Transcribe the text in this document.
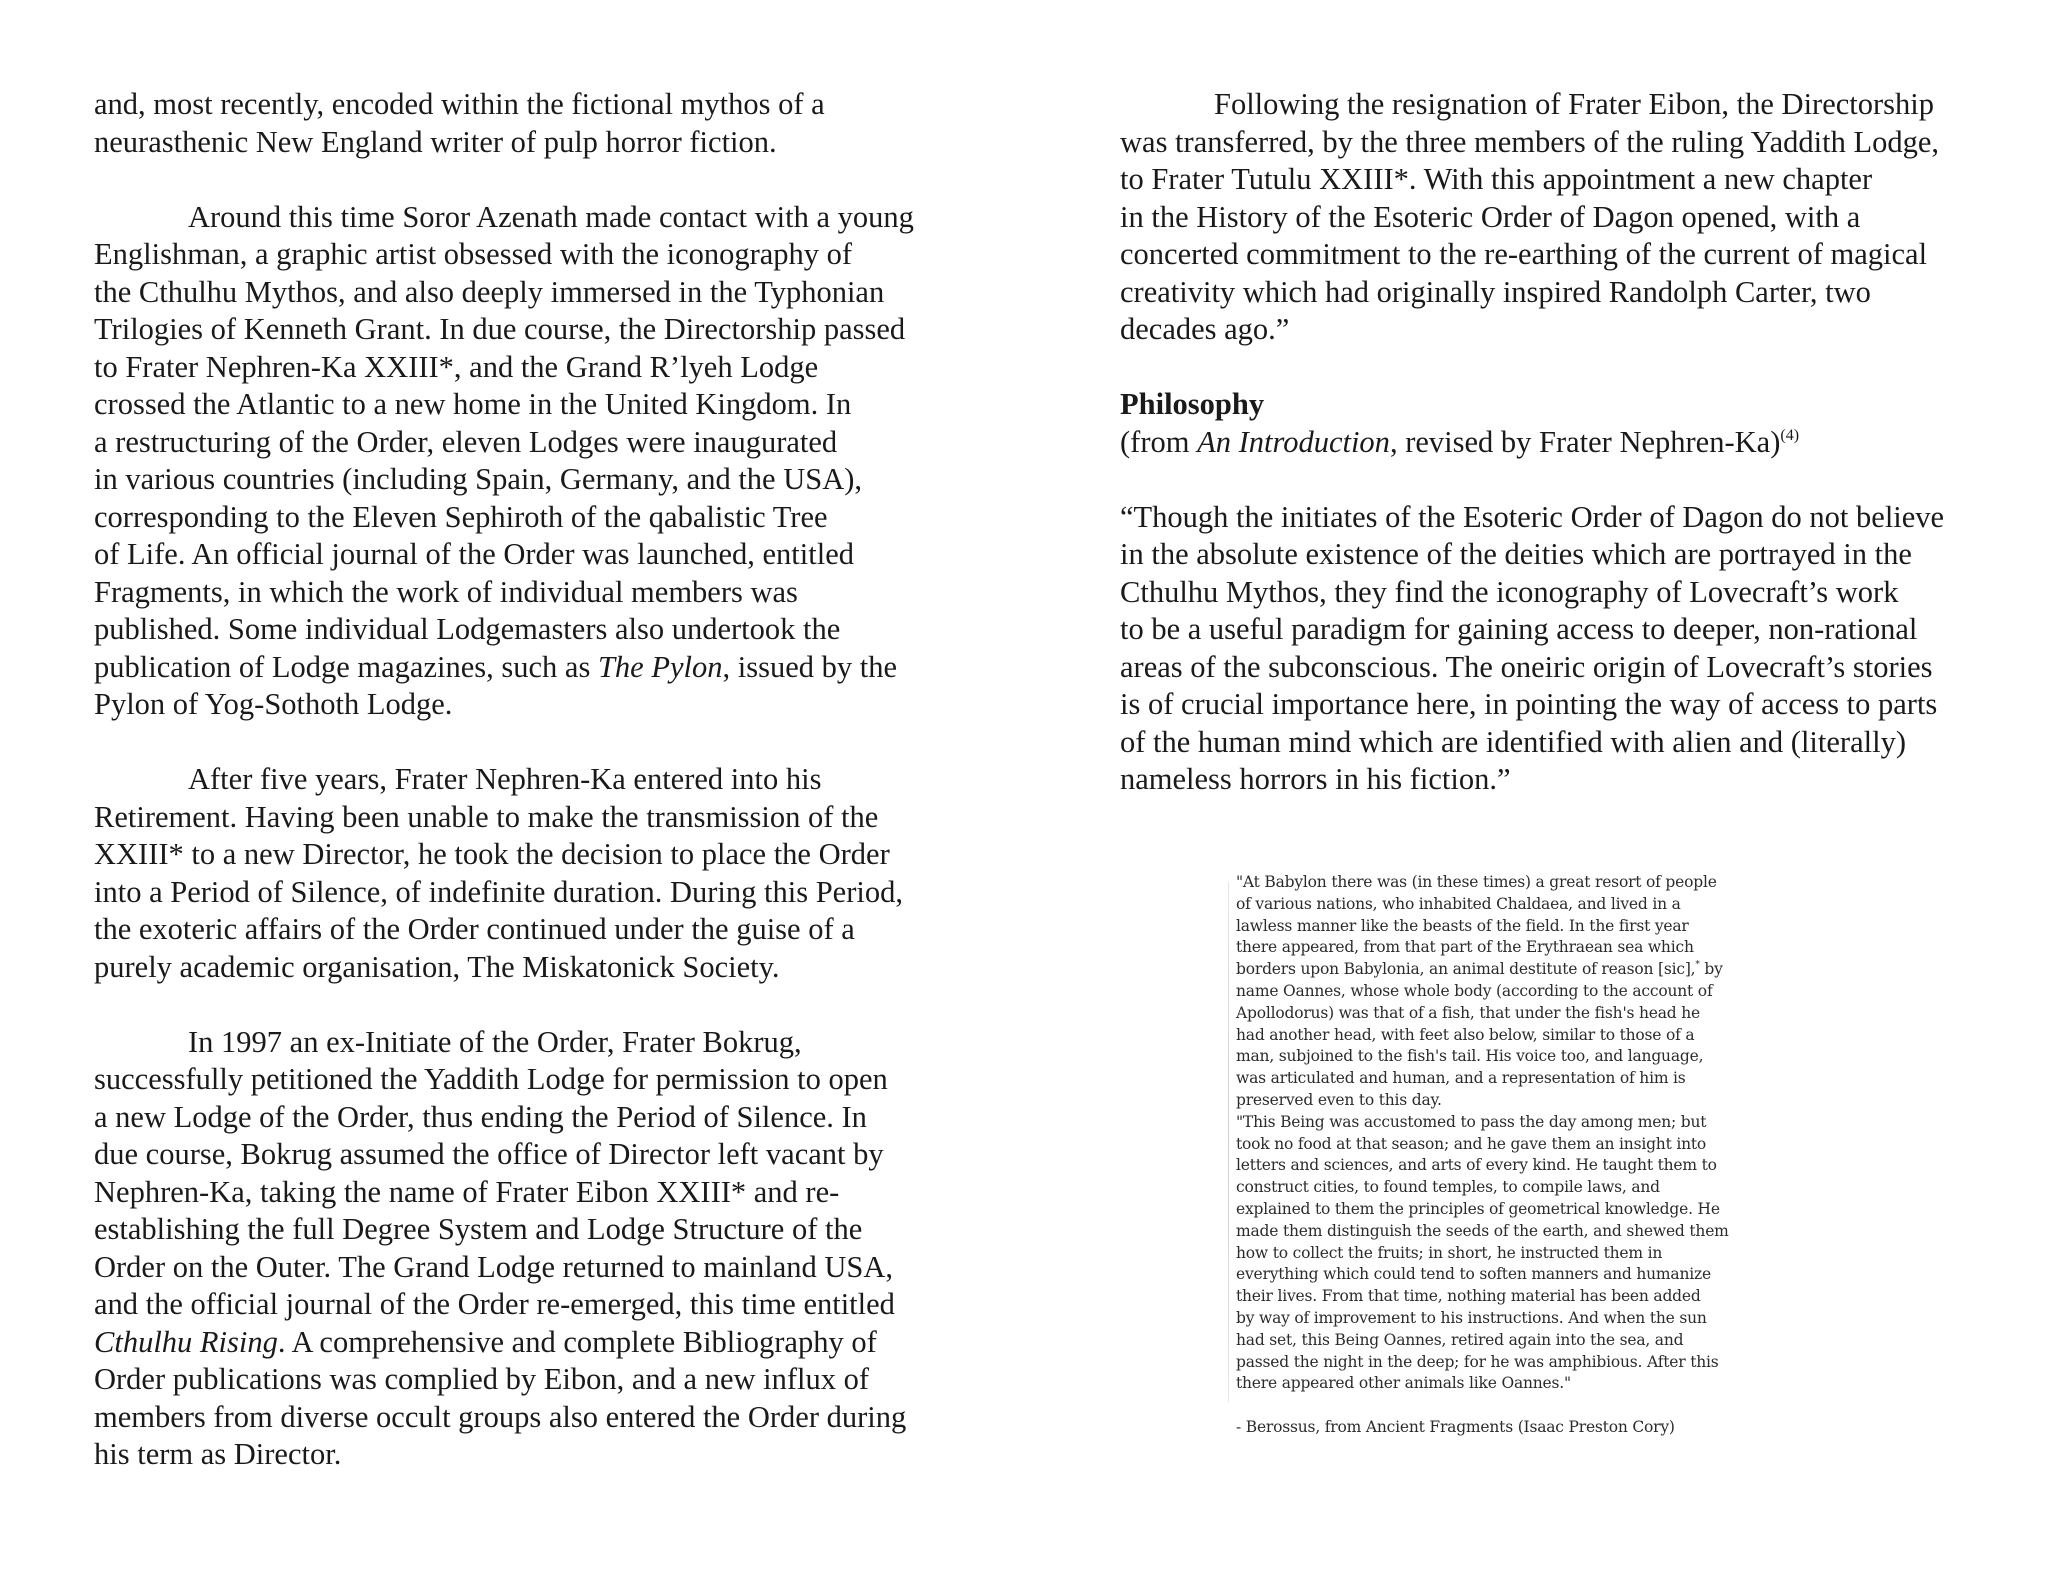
and, most recently, encoded within the fictional mythos of a
neurasthenic New England writer of pulp horror fiction.
Around this time Soror Azenath made contact with a young
Englishman, a graphic artist obsessed with the iconography of
the Cthulhu Mythos, and also deeply immersed in the Typhonian
Trilogies of Kenneth Grant. In due course, the Directorship passed
to Frater Nephren-Ka XXIII*, and the Grand R’lyeh Lodge
crossed the Atlantic to a new home in the United Kingdom. In
a restructuring of the Order, eleven Lodges were inaugurated
in various countries (including Spain, Germany, and the USA),
corresponding to the Eleven Sephiroth of the qabalistic Tree
of Life. An official journal of the Order was launched, entitled
Fragments, in which the work of individual members was
published. Some individual Lodgemasters also undertook the
publication of Lodge magazines, such as The Pylon, issued by the
Pylon of Yog-Sothoth Lodge.
After five years, Frater Nephren-Ka entered into his
Retirement. Having been unable to make the transmission of the
XXIII* to a new Director, he took the decision to place the Order
into a Period of Silence, of indefinite duration. During this Period,
the exoteric affairs of the Order continued under the guise of a
purely academic organisation, The Miskatonick Society.
In 1997 an ex-Initiate of the Order, Frater Bokrug,
successfully petitioned the Yaddith Lodge for permission to open
a new Lodge of the Order, thus ending the Period of Silence. In
due course, Bokrug assumed the office of Director left vacant by
Nephren-Ka, taking the name of Frater Eibon XXIII* and re-
establishing the full Degree System and Lodge Structure of the
Order on the Outer. The Grand Lodge returned to mainland USA,
and the official journal of the Order re-emerged, this time entitled
Cthulhu Rising. A comprehensive and complete Bibliography of
Order publications was complied by Eibon, and a new influx of
members from diverse occult groups also entered the Order during
his term as Director.
Following the resignation of Frater Eibon, the Directorship
was transferred, by the three members of the ruling Yaddith Lodge,
to Frater Tutulu XXIII*. With this appointment a new chapter
in the History of the Esoteric Order of Dagon opened, with a
concerted commitment to the re-earthing of the current of magical
creativity which had originally inspired Randolph Carter, two
decades ago.”
Philosophy
(from An Introduction, revised by Frater Nephren-Ka)$^{(4)}$
“Though the initiates of the Esoteric Order of Dagon do not believe
in the absolute existence of the deities which are portrayed in the
Cthulhu Mythos, they find the iconography of Lovecraft’s work
to be a useful paradigm for gaining access to deeper, non-rational
areas of the subconscious. The oneiric origin of Lovecraft’s stories
is of crucial importance here, in pointing the way of access to parts
of the human mind which are identified with alien and (literally)
nameless horrors in his fiction.”
"At Babylon there was (in these times) a great resort of people
of various nations, who inhabited Chaldaea, and lived in a
lawless manner like the beasts of the field. In the first year
there appeared, from that part of the Erythraean sea which
borders upon Babylonia, an animal destitute of reason [sic],* by
name Oannes, whose whole body (according to the account of
Apollodorus) was that of a fish, that under the fish's head he
had another head, with feet also below, similar to those of a
man, subjoined to the fish's tail. His voice too, and language,
was articulated and human, and a representation of him is
preserved even to this day.
"This Being was accustomed to pass the day among men; but
took no food at that season; and he gave them an insight into
letters and sciences, and arts of every kind. He taught them to
construct cities, to found temples, to compile laws, and
explained to them the principles of geometrical knowledge. He
made them distinguish the seeds of the earth, and shewed them
how to collect the fruits; in short, he instructed them in
everything which could tend to soften manners and humanize
their lives. From that time, nothing material has been added
by way of improvement to his instructions. And when the sun
had set, this Being Oannes, retired again into the sea, and
passed the night in the deep; for he was amphibious. After this
there appeared other animals like Oannes."
- Berossus, from Ancient Fragments (Isaac Preston Cory)
